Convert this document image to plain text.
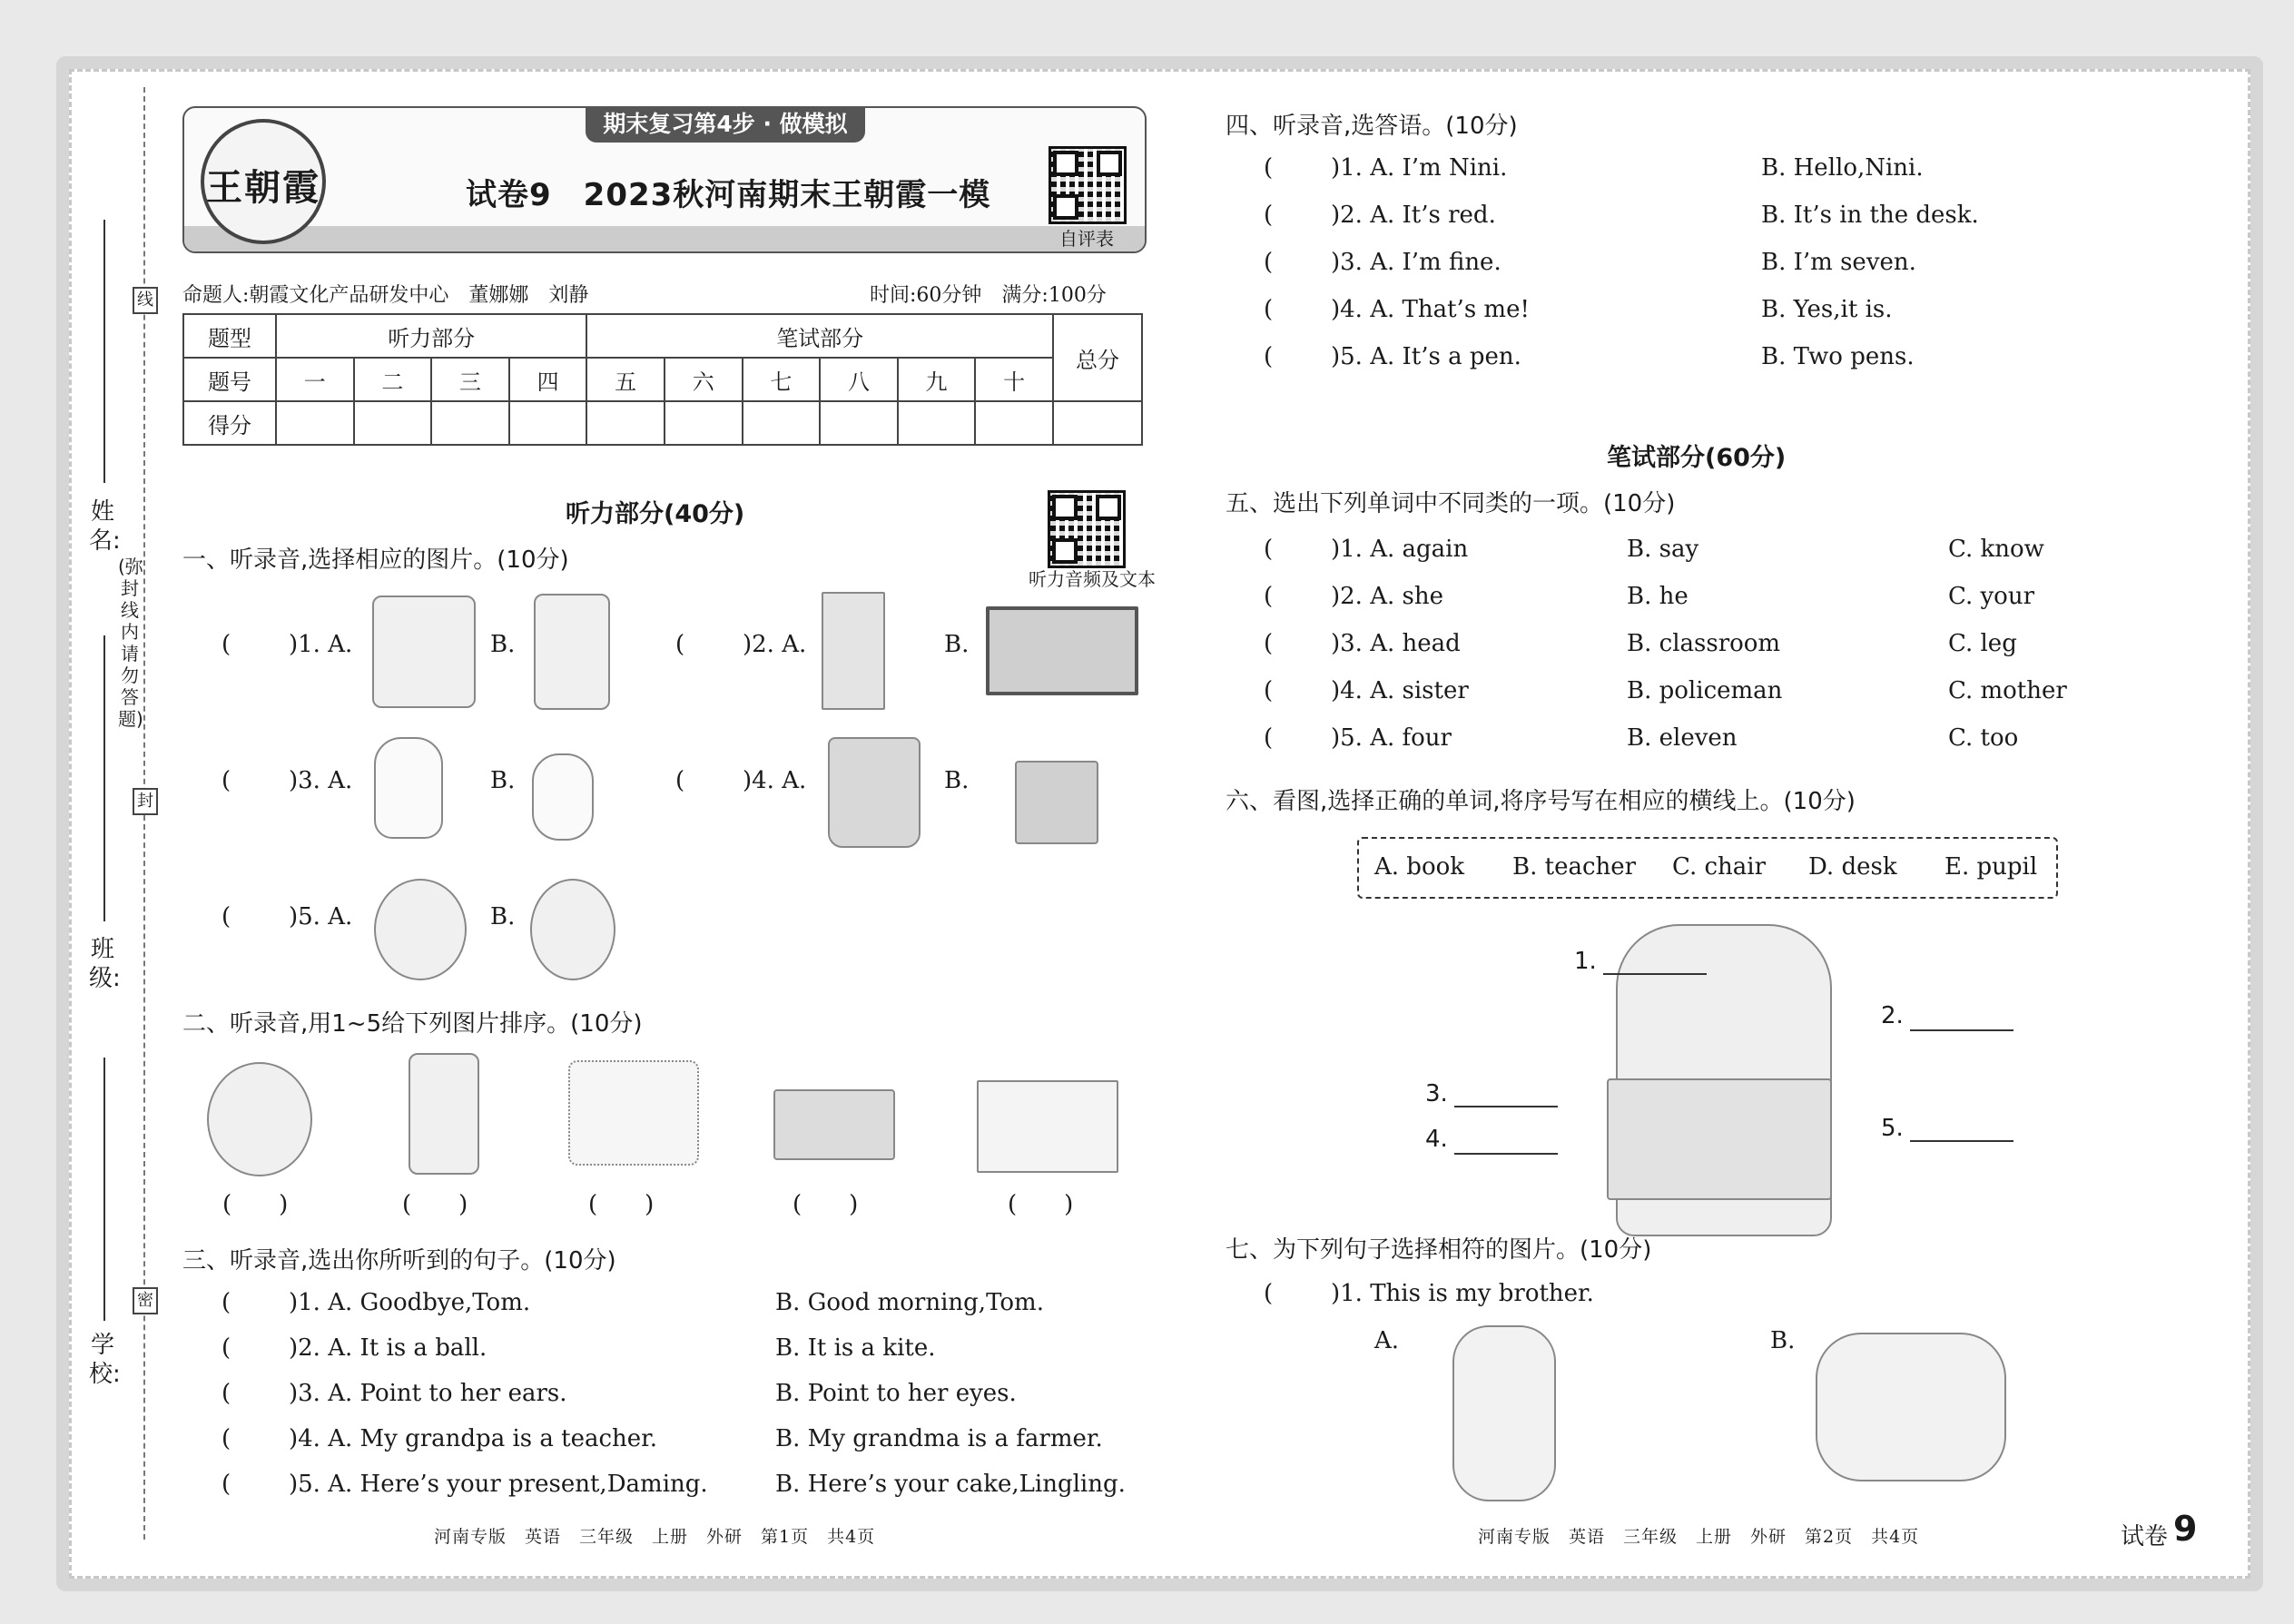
线
封
密
(弥封线内请勿答题)
姓名:
班级:
学校:
期末复习第4步 · 做模拟
王朝霞	试卷9　2023秋河南期末王朝霞一模
自评表
命题人:朝霞文化产品研发中心　董娜娜　刘静	时间:60分钟　满分:100分
题型	听力部分				笔试部分						总分
题号	一	二	三	四	五	六	七	八	九	十	
得分											
听力部分(40分)
听力音频及文本
一、听录音,选择相应的图片。(10分)
( )1. A.	B.	( )2. A.	B.
( )3. A.	B.	( )4. A.	B.
( )5. A.	B.
二、听录音,用1~5给下列图片排序。(10分)
(　　)	(　　)	(　　)	(　　)	(　　)
三、听录音,选出你所听到的句子。(10分)
( )1. A. Goodbye,Tom.	B. Good morning,Tom.
( )2. A. It is a ball.	B. It is a kite.
( )3. A. Point to her ears.	B. Point to her eyes.
( )4. A. My grandpa is a teacher.	B. My grandma is a farmer.
( )5. A. Here’s your present,Daming.	B. Here’s your cake,Lingling.
河南专版　英语　三年级　上册　外研　第1页　共4页
四、听录音,选答语。(10分)
( )1. A. I’m Nini.	B. Hello,Nini.
( )2. A. It’s red.	B. It’s in the desk.
( )3. A. I’m fine.	B. I’m seven.
( )4. A. That’s me!	B. Yes,it is.
( )5. A. It’s a pen.	B. Two pens.
笔试部分(60分)
五、选出下列单词中不同类的一项。(10分)
( )1. A. again	B. say	C. know
( )2. A. she	B. he	C. your
( )3. A. head	B. classroom	C. leg
( )4. A. sister	B. policeman	C. mother
( )5. A. four	B. eleven	C. too
六、看图,选择正确的单词,将序号写在相应的横线上。(10分)
A. book B. teacher C. chair D. desk E. pupil
1.
2.
3.
4.	5.
七、为下列句子选择相符的图片。(10分)
( )1. This is my brother.
A.	B.
河南专版　英语　三年级　上册　外研　第2页　共4页	试卷 9
